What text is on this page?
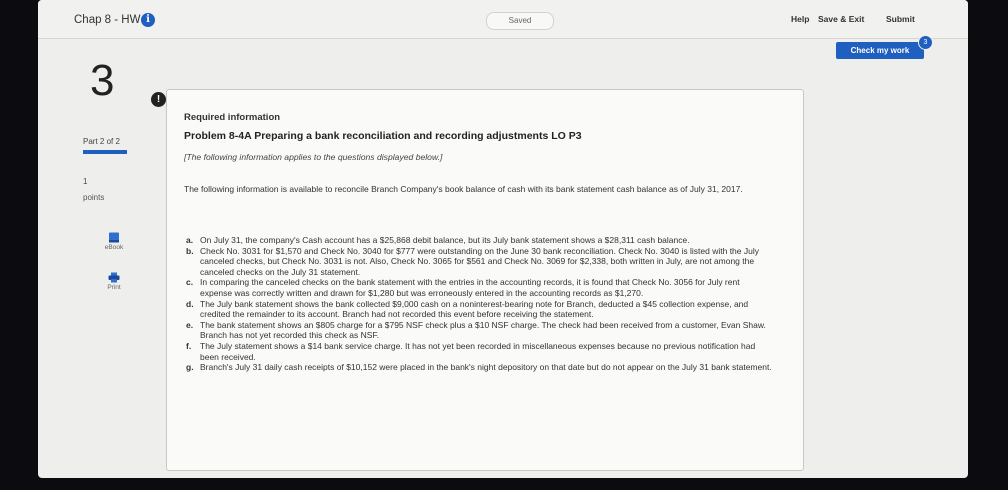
Chap 8 - HW i	Saved	Help Save & Exit	Submit
Check my work
3
3
Part 2 of 2
1
points
eBook
Print
!
Required information
Problem 8-4A Preparing a bank reconciliation and recording adjustments LO P3
[The following information applies to the questions displayed below.]
The following information is available to reconcile Branch Company's book balance of cash with its bank statement cash balance as of July 31, 2017.
a. On July 31, the company's Cash account has a $25,868 debit balance, but its July bank statement shows a $28,311 cash balance.
b. Check No. 3031 for $1,570 and Check No. 3040 for $777 were outstanding on the June 30 bank reconciliation. Check No. 3040 is listed with the July canceled checks, but Check No. 3031 is not. Also, Check No. 3065 for $561 and Check No. 3069 for $2,338, both written in July, are not among the canceled checks on the July 31 statement.
c. In comparing the canceled checks on the bank statement with the entries in the accounting records, it is found that Check No. 3056 for July rent expense was correctly written and drawn for $1,280 but was erroneously entered in the accounting records as $1,270.
d. The July bank statement shows the bank collected $9,000 cash on a noninterest-bearing note for Branch, deducted a $45 collection expense, and credited the remainder to its account. Branch had not recorded this event before receiving the statement.
e. The bank statement shows an $805 charge for a $795 NSF check plus a $10 NSF charge. The check had been received from a customer, Evan Shaw. Branch has not yet recorded this check as NSF.
f. The July statement shows a $14 bank service charge. It has not yet been recorded in miscellaneous expenses because no previous notification had been received.
g. Branch's July 31 daily cash receipts of $10,152 were placed in the bank's night depository on that date but do not appear on the July 31 bank statement.
